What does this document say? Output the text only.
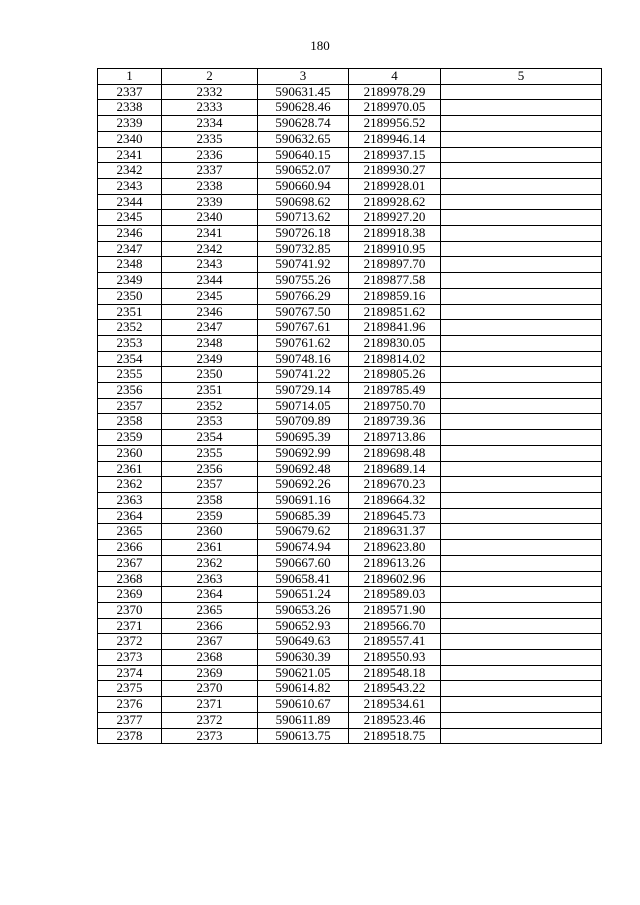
180
1	2	3	4	5
2337	2332	590631.45	2189978.29	
2338	2333	590628.46	2189970.05	
2339	2334	590628.74	2189956.52	
2340	2335	590632.65	2189946.14	
2341	2336	590640.15	2189937.15	
2342	2337	590652.07	2189930.27	
2343	2338	590660.94	2189928.01	
2344	2339	590698.62	2189928.62	
2345	2340	590713.62	2189927.20	
2346	2341	590726.18	2189918.38	
2347	2342	590732.85	2189910.95	
2348	2343	590741.92	2189897.70	
2349	2344	590755.26	2189877.58	
2350	2345	590766.29	2189859.16	
2351	2346	590767.50	2189851.62	
2352	2347	590767.61	2189841.96	
2353	2348	590761.62	2189830.05	
2354	2349	590748.16	2189814.02	
2355	2350	590741.22	2189805.26	
2356	2351	590729.14	2189785.49	
2357	2352	590714.05	2189750.70	
2358	2353	590709.89	2189739.36	
2359	2354	590695.39	2189713.86	
2360	2355	590692.99	2189698.48	
2361	2356	590692.48	2189689.14	
2362	2357	590692.26	2189670.23	
2363	2358	590691.16	2189664.32	
2364	2359	590685.39	2189645.73	
2365	2360	590679.62	2189631.37	
2366	2361	590674.94	2189623.80	
2367	2362	590667.60	2189613.26	
2368	2363	590658.41	2189602.96	
2369	2364	590651.24	2189589.03	
2370	2365	590653.26	2189571.90	
2371	2366	590652.93	2189566.70	
2372	2367	590649.63	2189557.41	
2373	2368	590630.39	2189550.93	
2374	2369	590621.05	2189548.18	
2375	2370	590614.82	2189543.22	
2376	2371	590610.67	2189534.61	
2377	2372	590611.89	2189523.46	
2378	2373	590613.75	2189518.75	
